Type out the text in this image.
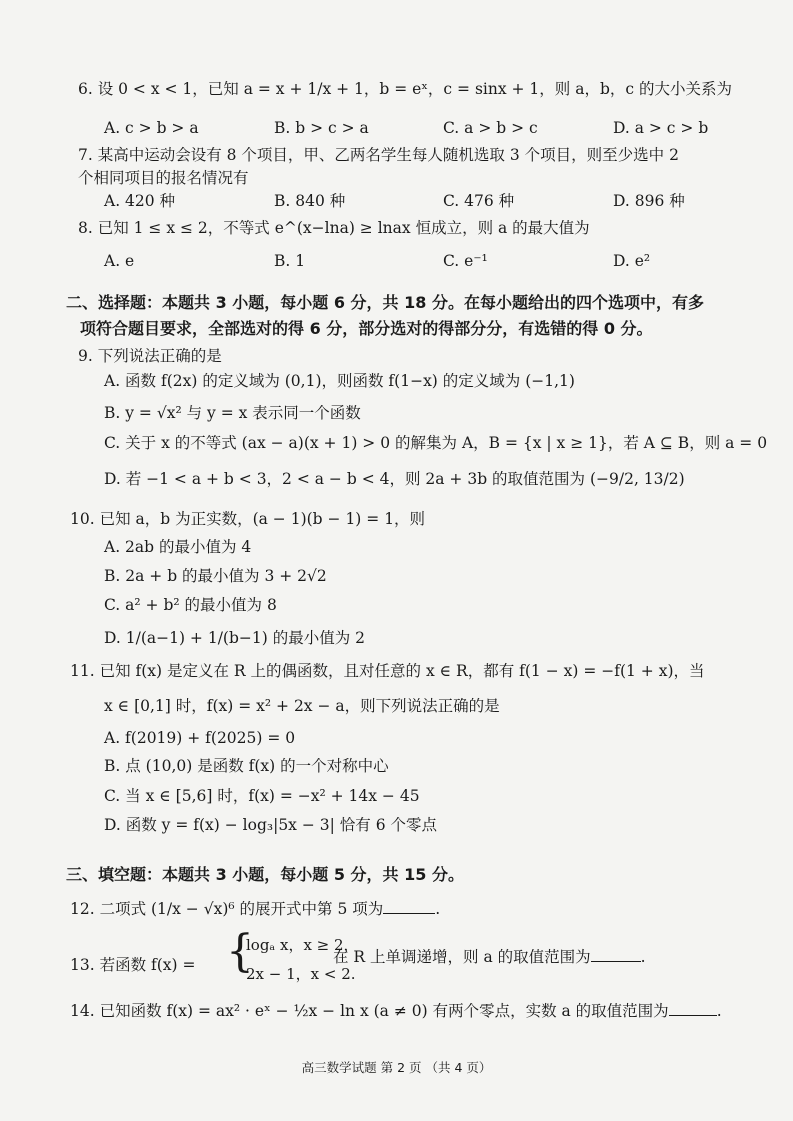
6. 设 0 < x < 1，已知 a = x + 1/x + 1，b = eˣ，c = sinx + 1，则 a，b，c 的大小关系为
A. c > b > a	B. b > c > a	C. a > b > c	D. a > c > b
7. 某高中运动会设有 8 个项目，甲、乙两名学生每人随机选取 3 个项目，则至少选中 2
个相同项目的报名情况有
A. 420 种	B. 840 种	C. 476 种	D. 896 种
8. 已知 1 ≤ x ≤ 2，不等式 e^(x−lna) ≥ lnax 恒成立，则 a 的最大值为
A. e	B. 1	C. e⁻¹	D. e²
二、选择题：本题共 3 小题，每小题 6 分，共 18 分。在每小题给出的四个选项中，有多
项符合题目要求，全部选对的得 6 分，部分选对的得部分分，有选错的得 0 分。
9. 下列说法正确的是
A. 函数 f(2x) 的定义域为 (0,1)，则函数 f(1−x) 的定义域为 (−1,1)
B. y = √x² 与 y = x 表示同一个函数
C. 关于 x 的不等式 (ax − a)(x + 1) > 0 的解集为 A，B = {x | x ≥ 1}，若 A ⊆ B，则 a = 0
D. 若 −1 < a + b < 3，2 < a − b < 4，则 2a + 3b 的取值范围为 (−9/2, 13/2)
10. 已知 a，b 为正实数，(a − 1)(b − 1) = 1，则
A. 2ab 的最小值为 4
B. 2a + b 的最小值为 3 + 2√2
C. a² + b² 的最小值为 8
D. 1/(a−1) + 1/(b−1) 的最小值为 2
11. 已知 f(x) 是定义在 R 上的偶函数，且对任意的 x ∈ R，都有 f(1 − x) = −f(1 + x)，当
x ∈ [0,1] 时，f(x) = x² + 2x − a，则下列说法正确的是
A. f(2019) + f(2025) = 0
B. 点 (10,0) 是函数 f(x) 的一个对称中心
C. 当 x ∈ [5,6] 时，f(x) = −x² + 14x − 45
D. 函数 y = f(x) − log₃|5x − 3| 恰有 6 个零点
三、填空题：本题共 3 小题，每小题 5 分，共 15 分。
12. 二项式 (1/x − √x)⁶ 的展开式中第 5 项为	.
13. 若函数 f(x) = {
logₐ x，x ≥ 2，
2x − 1，x < 2.
在 R 上单调递增，则 a 的取值范围为	.
14. 已知函数 f(x) = ax² · eˣ − ½x − ln x (a ≠ 0) 有两个零点，实数 a 的取值范围为	.
高三数学试题 第 2 页 （共 4 页）
